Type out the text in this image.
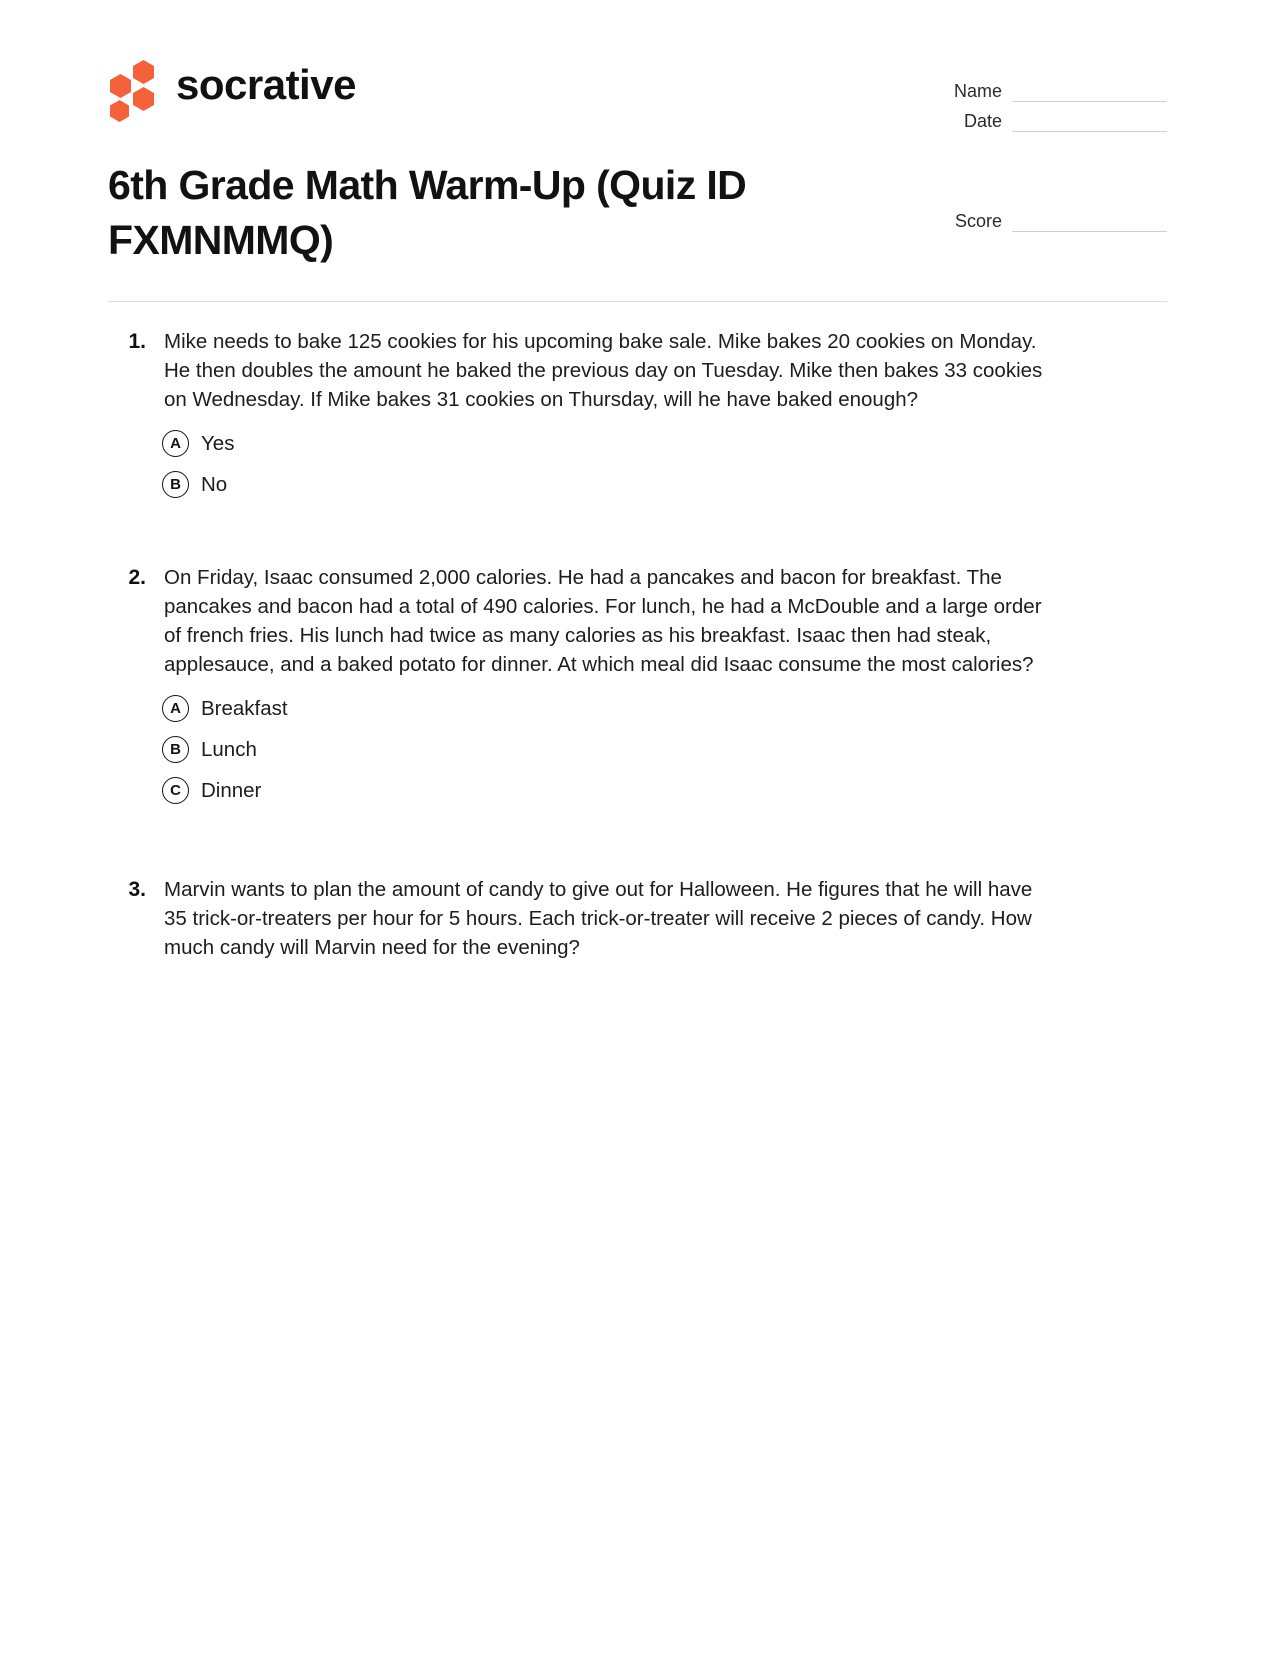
socrative	Name
Date
Score
6th Grade Math Warm-Up (Quiz ID FXMNMMQ)
1. Mike needs to bake 125 cookies for his upcoming bake sale. Mike bakes 20 cookies on Monday. He then doubles the amount he baked the previous day on Tuesday. Mike then bakes 33 cookies on Wednesday. If Mike bakes 31 cookies on Thursday, will he have baked enough?
A Yes
B No
2. On Friday, Isaac consumed 2,000 calories. He had a pancakes and bacon for breakfast. The pancakes and bacon had a total of 490 calories. For lunch, he had a McDouble and a large order of french fries. His lunch had twice as many calories as his breakfast. Isaac then had steak, applesauce, and a baked potato for dinner. At which meal did Isaac consume the most calories?
A Breakfast
B Lunch
C Dinner
3. Marvin wants to plan the amount of candy to give out for Halloween. He figures that he will have 35 trick-or-treaters per hour for 5 hours. Each trick-or-treater will receive 2 pieces of candy. How much candy will Marvin need for the evening?
